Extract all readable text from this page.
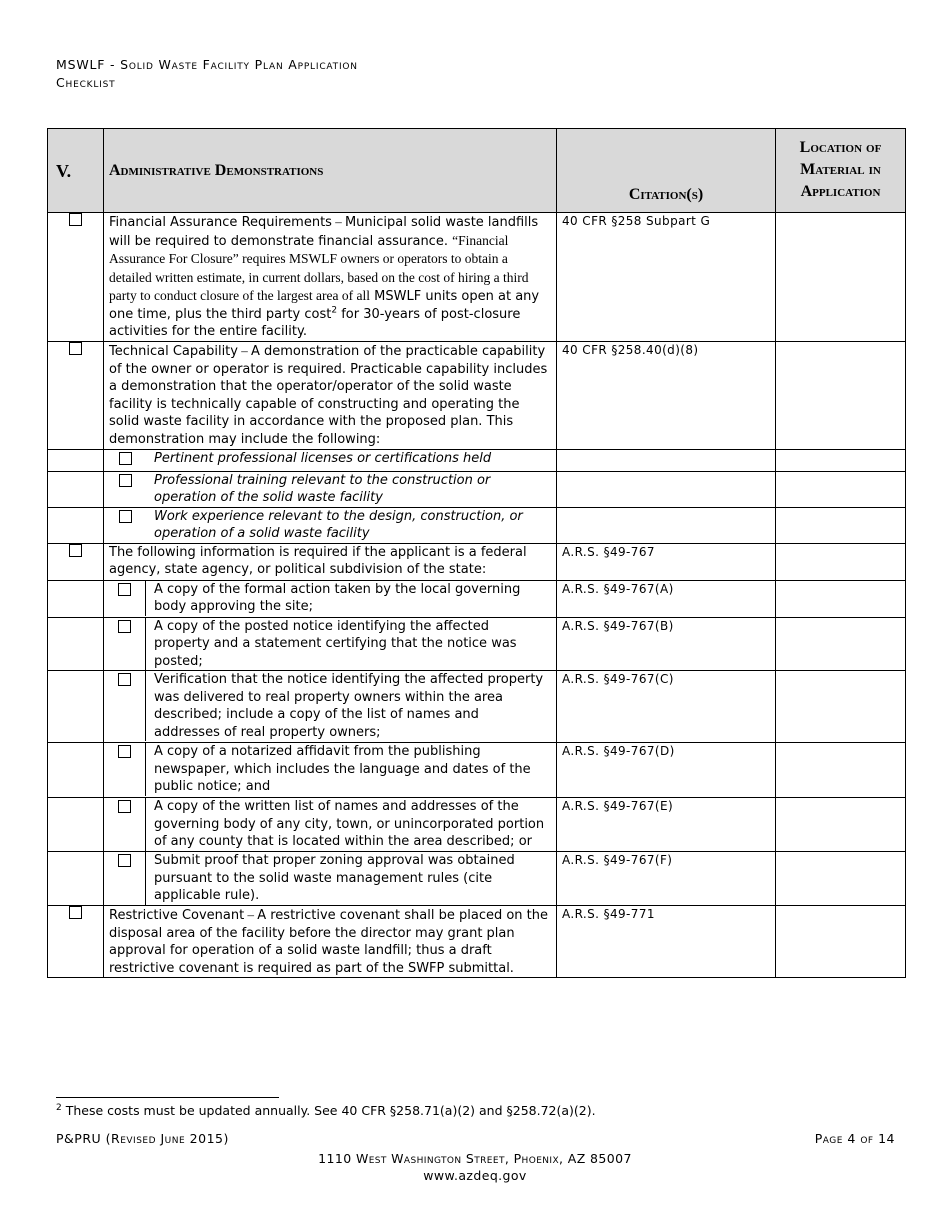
MSWLF - Solid Waste Facility Plan Application
Checklist
V.	Administrative Demonstrations	Citation(s)	Location of Material in Application
	Financial Assurance Requirements – Municipal solid waste landfills will be required to demonstrate financial assurance. “Financial Assurance For Closure” requires MSWLF owners or operators to obtain a detailed written estimate, in current dollars, based on the cost of hiring a third party to conduct closure of the largest area of all MSWLF units open at any one time, plus the third party cost$^2$ for 30-years of post-closure activities for the entire facility.	40 CFR §258 Subpart G	
	Technical Capability – A demonstration of the practicable capability of the owner or operator is required. Practicable capability includes a demonstration that the operator/operator of the solid waste facility is technically capable of constructing and operating the solid waste facility in accordance with the proposed plan. This demonstration may include the following:	40 CFR §258.40(d)(8)	

	Pertinent professional licenses or certifications held		

	Professional training relevant to the construction or operation of the solid waste facility		

	Work experience relevant to the design, construction, or operation of a solid waste facility		

	The following information is required if the applicant is a federal agency, state agency, or political subdivision of the state:	A.R.S. §49-767	

	A copy of the formal action taken by the local governing body approving the site;	A.R.S. §49-767(A)	

	A copy of the posted notice identifying the affected property and a statement certifying that the notice was posted;	A.R.S. §49-767(B)	

	Verification that the notice identifying the affected property was delivered to real property owners within the area described; include a copy of the list of names and addresses of real property owners;	A.R.S. §49-767(C)	

	A copy of a notarized affidavit from the publishing newspaper, which includes the language and dates of the public notice; and	A.R.S. §49-767(D)	

	A copy of the written list of names and addresses of the governing body of any city, town, or unincorporated portion of any county that is located within the area described; or	A.R.S. §49-767(E)	

	Submit proof that proper zoning approval was obtained pursuant to the solid waste management rules (cite applicable rule).	A.R.S. §49-767(F)	
	Restrictive Covenant – A restrictive covenant shall be placed on the disposal area of the facility before the director may grant plan approval for operation of a solid waste landfill; thus a draft restrictive covenant is required as part of the SWFP submittal.	A.R.S. §49-771	
$^2$ These costs must be updated annually. See 40 CFR §258.71(a)(2) and §258.72(a)(2).
P&PRU (Revised June 2015)	Page 4 of 14
1110 West Washington Street, Phoenix, AZ 85007
www.azdeq.gov
